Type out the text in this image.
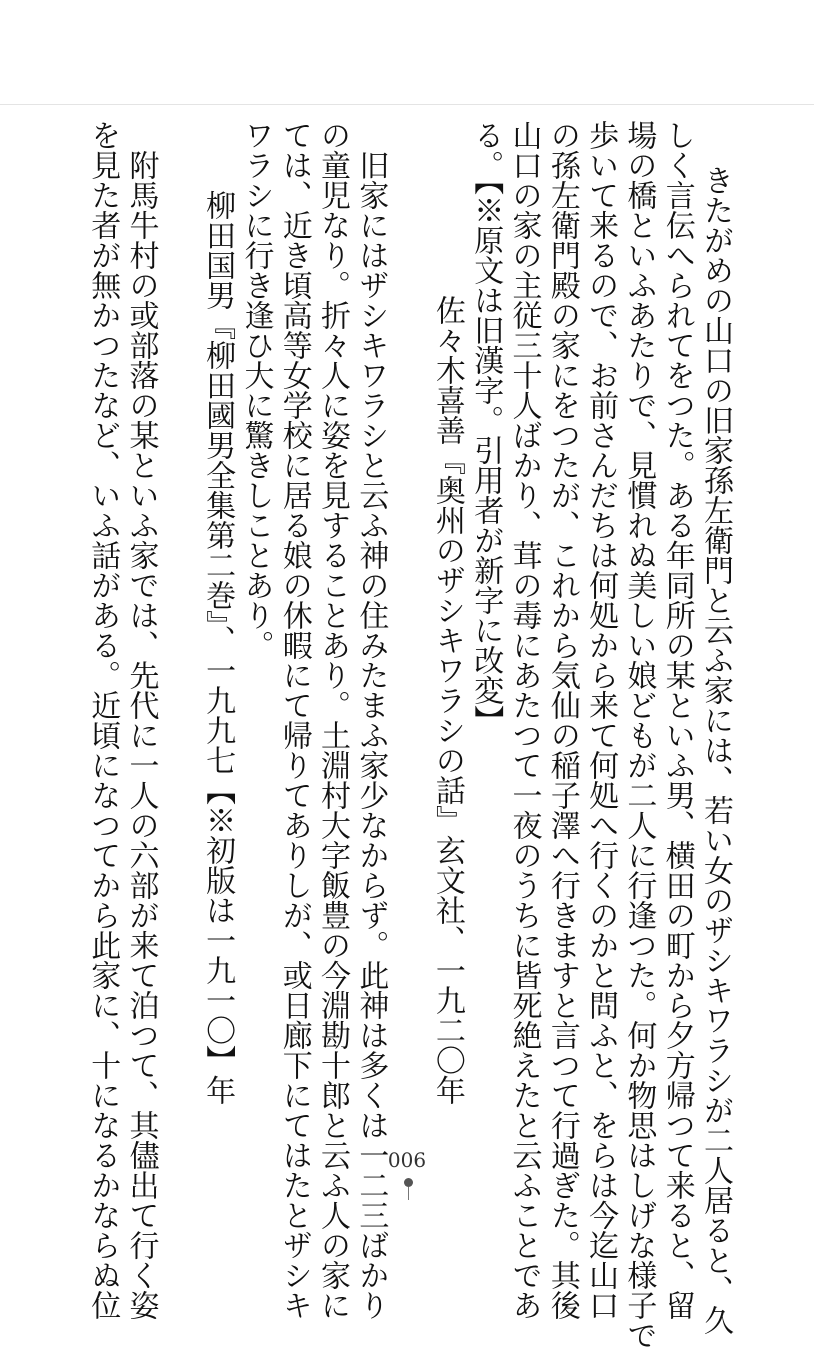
きたがめの山口の旧家孫左衛門と云ふ家には、若い女のザシキワラシが二人居ると、久
しく言伝へられてをつた。ある年同所の某といふ男、横田の町から夕方帰つて来ると、留
場の橋といふあたりで、見慣れぬ美しい娘どもが二人に行逢つた。何か物思はしげな様子で
歩いて来るので、お前さんだちは何処から来て何処へ行くのかと問ふと、をらは今迄山口
の孫左衛門殿の家にをつたが、これから気仙の稲子澤へ行きますと言つて行過ぎた。其後
山口の家の主従三十人ばかり、茸の毒にあたつて一夜のうちに皆死絶えたと云ふことであ
る。【※原文は旧漢字。引用者が新字に改変】
佐々木喜善『奥州のザシキワラシの話』玄文社、一九二〇年
旧家にはザシキワラシと云ふ神の住みたまふ家少なからず。此神は多くは一二三ばかり
の童児なり。折々人に姿を見することあり。土淵村大字飯豊の今淵勘十郎と云ふ人の家に
ては、近き頃高等女学校に居る娘の休暇にて帰りてありしが、或日廊下にてはたとザシキ
ワラシに行き逢ひ大に驚きしことあり。
柳田国男『柳田國男全集第二巻』、一九九七【※初版は一九一〇】年
附馬牛村の或部落の某といふ家では、先代に一人の六部が来て泊つて、其儘出て行く姿
を見た者が無かつたなど、いふ話がある。近頃になつてから此家に、十になるかならぬ位	006
